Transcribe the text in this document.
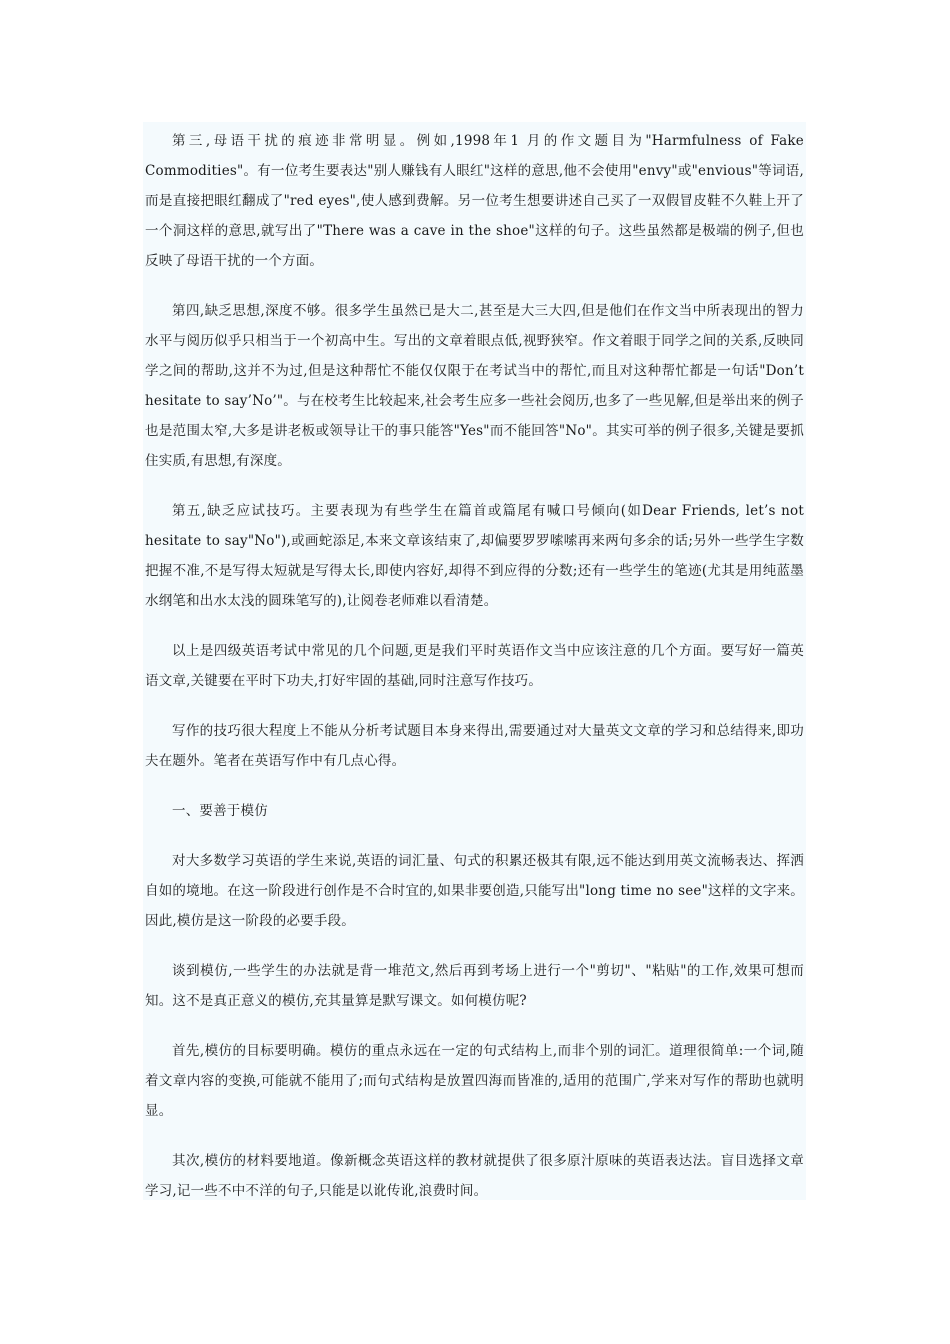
第三,母语干扰的痕迹非常明显。例如,1998年1 月的作文题目为"Harmfulness of Fake Commodities"。有一位考生要表达"别人赚钱有人眼红"这样的意思,他不会使用"envy"或"envious"等词语,而是直接把眼红翻成了"red eyes",使人感到费解。另一位考生想要讲述自己买了一双假冒皮鞋不久鞋上开了一个洞这样的意思,就写出了"There was a cave in the shoe"这样的句子。这些虽然都是极端的例子,但也反映了母语干扰的一个方面。

第四,缺乏思想,深度不够。很多学生虽然已是大二,甚至是大三大四,但是他们在作文当中所表现出的智力水平与阅历似乎只相当于一个初高中生。写出的文章着眼点低,视野狭窄。作文着眼于同学之间的关系,反映同学之间的帮助,这并不为过,但是这种帮忙不能仅仅限于在考试当中的帮忙,而且对这种帮忙都是一句话"Don’t hesitate to say’No’"。与在校考生比较起来,社会考生应多一些社会阅历,也多了一些见解,但是举出来的例子也是范围太窄,大多是讲老板或领导让干的事只能答"Yes"而不能回答"No"。其实可举的例子很多,关键是要抓住实质,有思想,有深度。

第五,缺乏应试技巧。主要表现为有些学生在篇首或篇尾有喊口号倾向(如Dear Friends, let’s not hesitate to say"No"),或画蛇添足,本来文章该结束了,却偏要罗罗嗦嗦再来两句多余的话;另外一些学生字数把握不准,不是写得太短就是写得太长,即使内容好,却得不到应得的分数;还有一些学生的笔迹(尤其是用纯蓝墨水纲笔和出水太浅的圆珠笔写的),让阅卷老师难以看清楚。

以上是四级英语考试中常见的几个问题,更是我们平时英语作文当中应该注意的几个方面。要写好一篇英语文章,关键要在平时下功夫,打好牢固的基础,同时注意写作技巧。

写作的技巧很大程度上不能从分析考试题目本身来得出,需要通过对大量英文文章的学习和总结得来,即功夫在题外。笔者在英语写作中有几点心得。

一、要善于模仿

对大多数学习英语的学生来说,英语的词汇量、句式的积累还极其有限,远不能达到用英文流畅表达、挥洒自如的境地。在这一阶段进行创作是不合时宜的,如果非要创造,只能写出"long time no see"这样的文字来。因此,模仿是这一阶段的必要手段。

谈到模仿,一些学生的办法就是背一堆范文,然后再到考场上进行一个"剪切"、"粘贴"的工作,效果可想而知。这不是真正意义的模仿,充其量算是默写课文。如何模仿呢?

首先,模仿的目标要明确。模仿的重点永远在一定的句式结构上,而非个别的词汇。道理很简单:一个词,随着文章内容的变换,可能就不能用了;而句式结构是放置四海而皆准的,适用的范围广,学来对写作的帮助也就明显。

其次,模仿的材料要地道。像新概念英语这样的教材就提供了很多原汁原味的英语表达法。盲目选择文章学习,记一些不中不洋的句子,只能是以讹传讹,浪费时间。
